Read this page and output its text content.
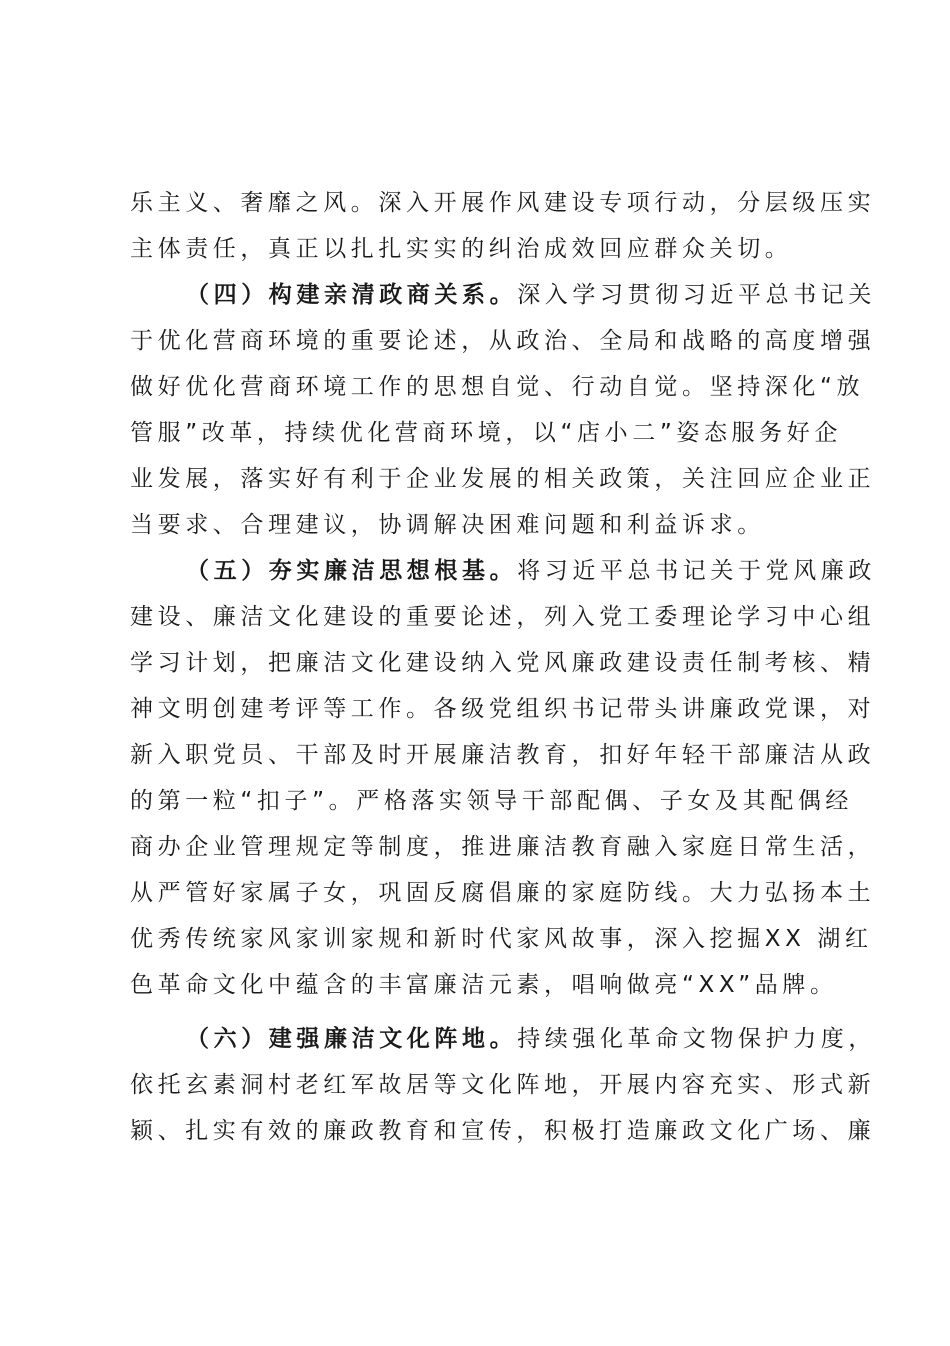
乐主义、奢靡之风。深入开展作风建设专项行动，分层级压实
主体责任，真正以扎扎实实的纠治成效回应群众关切。
（四）构建亲清政商关系。深入学习贯彻习近平总书记关
于优化营商环境的重要论述，从政治、全局和战略的高度增强
做好优化营商环境工作的思想自觉、行动自觉。坚持深化“放
管服”改革，持续优化营商环境，以“店小二”姿态服务好企
业发展，落实好有利于企业发展的相关政策，关注回应企业正
当要求、合理建议，协调解决困难问题和利益诉求。
（五）夯实廉洁思想根基。将习近平总书记关于党风廉政
建设、廉洁文化建设的重要论述，列入党工委理论学习中心组
学习计划，把廉洁文化建设纳入党风廉政建设责任制考核、精
神文明创建考评等工作。各级党组织书记带头讲廉政党课，对
新入职党员、干部及时开展廉洁教育，扣好年轻干部廉洁从政
的第一粒“扣子”。严格落实领导干部配偶、子女及其配偶经
商办企业管理规定等制度，推进廉洁教育融入家庭日常生活，
从严管好家属子女，巩固反腐倡廉的家庭防线。大力弘扬本土
优秀传统家风家训家规和新时代家风故事，深入挖掘XX 湖红
色革命文化中蕴含的丰富廉洁元素，唱响做亮“XX”品牌。
（六）建强廉洁文化阵地。持续强化革命文物保护力度，
依托玄素洞村老红军故居等文化阵地，开展内容充实、形式新
颖、扎实有效的廉政教育和宣传，积极打造廉政文化广场、廉
